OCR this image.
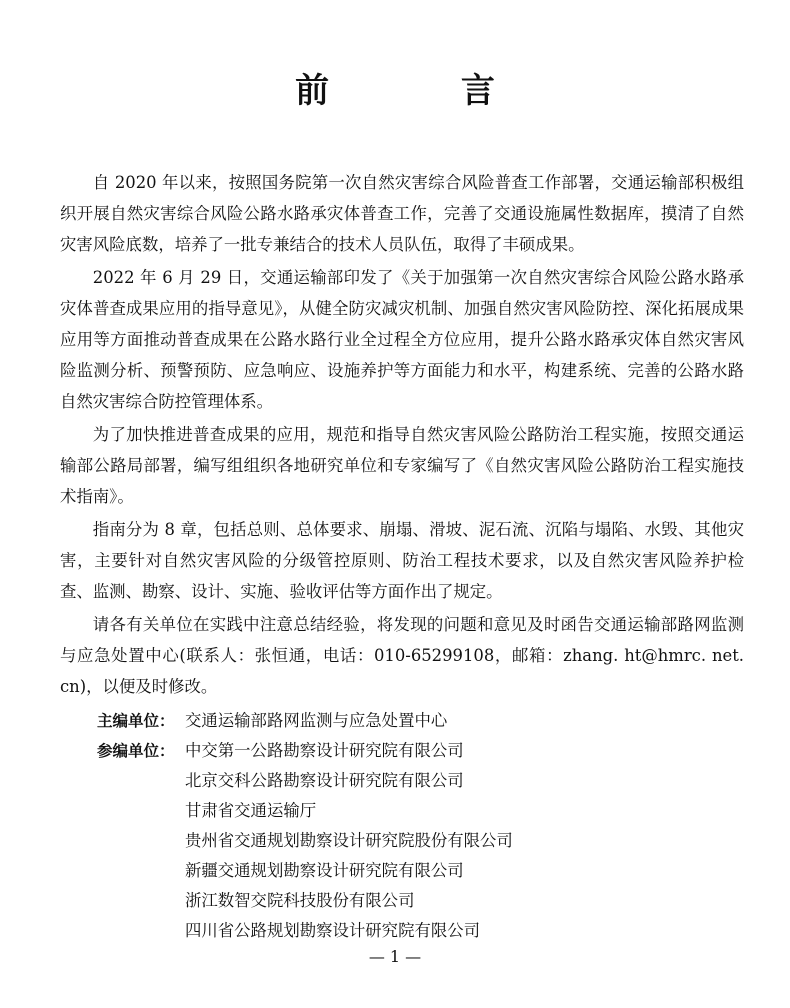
前 言

自 2020 年以来，按照国务院第一次自然灾害综合风险普查工作部署，交通运输部积极组织开展自然灾害综合风险公路水路承灾体普查工作，完善了交通设施属性数据库，摸清了自然灾害风险底数，培养了一批专兼结合的技术人员队伍，取得了丰硕成果。

2022 年 6 月 29 日，交通运输部印发了《关于加强第一次自然灾害综合风险公路水路承灾体普查成果应用的指导意见》，从健全防灾减灾机制、加强自然灾害风险防控、深化拓展成果应用等方面推动普查成果在公路水路行业全过程全方位应用，提升公路水路承灾体自然灾害风险监测分析、预警预防、应急响应、设施养护等方面能力和水平，构建系统、完善的公路水路自然灾害综合防控管理体系。

为了加快推进普查成果的应用，规范和指导自然灾害风险公路防治工程实施，按照交通运输部公路局部署，编写组组织各地研究单位和专家编写了《自然灾害风险公路防治工程实施技术指南》。

指南分为 8 章，包括总则、总体要求、崩塌、滑坡、泥石流、沉陷与塌陷、水毁、其他灾害，主要针对自然灾害风险的分级管控原则、防治工程技术要求，以及自然灾害风险养护检查、监测、勘察、设计、实施、验收评估等方面作出了规定。

请各有关单位在实践中注意总结经验，将发现的问题和意见及时函告交通运输部路网监测与应急处置中心(联系人：张恒通，电话：010-65299108，邮箱：zhang. ht@hmrc. net. cn)，以便及时修改。

主编单位： 交通运输部路网监测与应急处置中心
参编单位： 中交第一公路勘察设计研究院有限公司
北京交科公路勘察设计研究院有限公司
甘肃省交通运输厅
贵州省交通规划勘察设计研究院股份有限公司
新疆交通规划勘察设计研究院有限公司
浙江数智交院科技股份有限公司
四川省公路规划勘察设计研究院有限公司
— 1 —
